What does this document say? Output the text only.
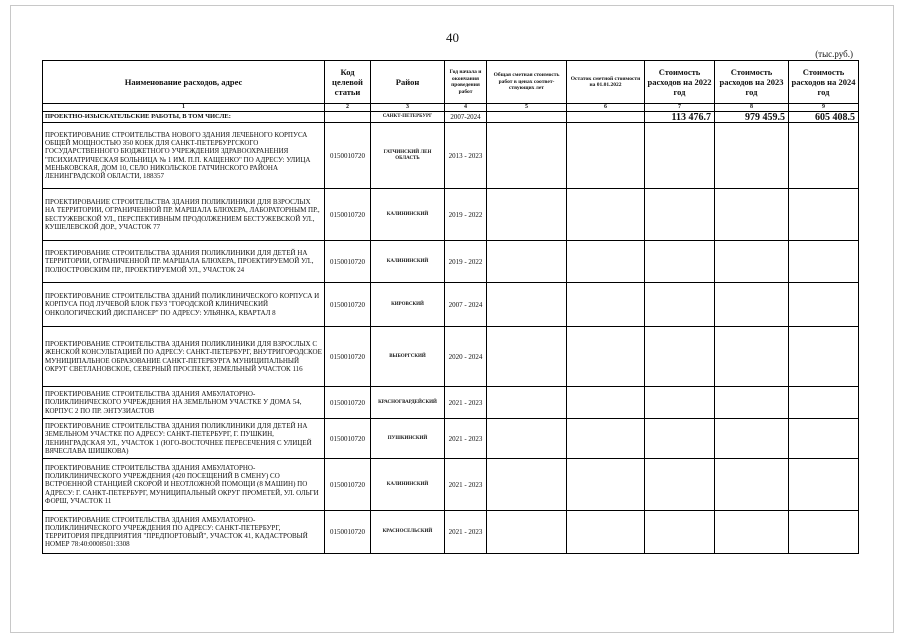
40
(тыс.руб.)
Наименование расходов, адрес	Код целевой статьи	Район	Год начала и окончания проведения работ	Общая сметная стоимость работ в ценах соответ-ствующих лет	Остаток сметной стоимости на 01.01.2022	Стоимость расходов на 2022 год	Стоимость расходов на 2023 год	Стоимость расходов на 2024 год
1	2	3	4	5	6	7	8	9
ПРОЕКТНО-ИЗЫСКАТЕЛЬСКИЕ РАБОТЫ, В ТОМ ЧИСЛЕ:		САНКТ-ПЕТЕРБУРГ	2007-2024			113 476.7	979 459.5	605 408.5
ПРОЕКТИРОВАНИЕ СТРОИТЕЛЬСТВА НОВОГО ЗДАНИЯ ЛЕЧЕБНОГО КОРПУСА ОБЩЕЙ МОЩНОСТЬЮ 350 КОЕК ДЛЯ САНКТ-ПЕТЕРБУРГСКОГО ГОСУДАРСТВЕННОГО БЮДЖЕТНОГО УЧРЕЖДЕНИЯ ЗДРАВООХРАНЕНИЯ "ПСИХИАТРИЧЕСКАЯ БОЛЬНИЦА № 1 ИМ. П.П. КАЩЕНКО" ПО АДРЕСУ: УЛИЦА МЕНЬКОВСКАЯ, ДОМ 10, СЕЛО НИКОЛЬСКОЕ ГАТЧИНСКОГО РАЙОНА ЛЕНИНГРАДСКОЙ ОБЛАСТИ, 188357	0150010720	ГАТЧИНСКИЙ ЛЕН ОБЛАСТЬ	2013 - 2023					
ПРОЕКТИРОВАНИЕ СТРОИТЕЛЬСТВА ЗДАНИЯ ПОЛИКЛИНИКИ ДЛЯ ВЗРОСЛЫХ НА ТЕРРИТОРИИ, ОГРАНИЧЕННОЙ ПР. МАРШАЛА БЛЮХЕРА, ЛАБОРАТОРНЫМ ПР., БЕСТУЖЕВСКОЙ УЛ., ПЕРСПЕКТИВНЫМ ПРОДОЛЖЕНИЕМ БЕСТУЖЕВСКОЙ УЛ., КУШЕЛЕВСКОЙ ДОР., УЧАСТОК 77	0150010720	КАЛИНИНСКИЙ	2019 - 2022					
ПРОЕКТИРОВАНИЕ СТРОИТЕЛЬСТВА ЗДАНИЯ ПОЛИКЛИНИКИ ДЛЯ ДЕТЕЙ НА ТЕРРИТОРИИ, ОГРАНИЧЕННОЙ ПР. МАРШАЛА БЛЮХЕРА, ПРОЕКТИРУЕМОЙ УЛ., ПОЛЮСТРОВСКИМ ПР., ПРОЕКТИРУЕМОЙ УЛ., УЧАСТОК 24	0150010720	КАЛИНИНСКИЙ	2019 - 2022					
ПРОЕКТИРОВАНИЕ СТРОИТЕЛЬСТВА ЗДАНИЙ ПОЛИКЛИНИЧЕСКОГО КОРПУСА И КОРПУСА ПОД ЛУЧЕВОЙ БЛОК ГБУЗ "ГОРОДСКОЙ КЛИНИЧЕСКИЙ ОНКОЛОГИЧЕСКИЙ ДИСПАНСЕР" ПО АДРЕСУ: УЛЬЯНКА, КВАРТАЛ 8	0150010720	КИРОВСКИЙ	2007 - 2024					
ПРОЕКТИРОВАНИЕ СТРОИТЕЛЬСТВА ЗДАНИЯ ПОЛИКЛИНИКИ ДЛЯ ВЗРОСЛЫХ С ЖЕНСКОЙ КОНСУЛЬТАЦИЕЙ ПО АДРЕСУ: САНКТ-ПЕТЕРБУРГ, ВНУТРИГОРОДСКОЕ МУНИЦИПАЛЬНОЕ ОБРАЗОВАНИЕ САНКТ-ПЕТЕРБУРГА МУНИЦИПАЛЬНЫЙ ОКРУГ СВЕТЛАНОВСКОЕ, СЕВЕРНЫЙ ПРОСПЕКТ, ЗЕМЕЛЬНЫЙ УЧАСТОК 116	0150010720	ВЫБОРГСКИЙ	2020 - 2024					
ПРОЕКТИРОВАНИЕ СТРОИТЕЛЬСТВА ЗДАНИЯ АМБУЛАТОРНО-ПОЛИКЛИНИЧЕСКОГО УЧРЕЖДЕНИЯ НА ЗЕМЕЛЬНОМ УЧАСТКЕ У ДОМА 54, КОРПУС 2 ПО ПР. ЭНТУЗИАСТОВ	0150010720	КРАСНОГВАРДЕЙСКИЙ	2021 - 2023					
ПРОЕКТИРОВАНИЕ СТРОИТЕЛЬСТВА ЗДАНИЯ ПОЛИКЛИНИКИ ДЛЯ ДЕТЕЙ НА ЗЕМЕЛЬНОМ УЧАСТКЕ ПО АДРЕСУ: САНКТ-ПЕТЕРБУРГ, Г. ПУШКИН, ЛЕНИНГРАДСКАЯ УЛ., УЧАСТОК 1 (ЮГО-ВОСТОЧНЕЕ ПЕРЕСЕЧЕНИЯ С УЛИЦЕЙ ВЯЧЕСЛАВА ШИШКОВА)	0150010720	ПУШКИНСКИЙ	2021 - 2023					
ПРОЕКТИРОВАНИЕ СТРОИТЕЛЬСТВА ЗДАНИЯ АМБУЛАТОРНО-ПОЛИКЛИНИЧЕСКОГО УЧРЕЖДЕНИЯ (420 ПОСЕЩЕНИЙ В СМЕНУ) СО ВСТРОЕННОЙ СТАНЦИЕЙ СКОРОЙ И НЕОТЛОЖНОЙ ПОМОЩИ (8 МАШИН) ПО АДРЕСУ: Г. САНКТ-ПЕТЕРБУРГ, МУНИЦИПАЛЬНЫЙ ОКРУГ ПРОМЕТЕЙ, УЛ. ОЛЬГИ ФОРШ, УЧАСТОК 11	0150010720	КАЛИНИНСКИЙ	2021 - 2023					
ПРОЕКТИРОВАНИЕ СТРОИТЕЛЬСТВА ЗДАНИЯ АМБУЛАТОРНО-ПОЛИКЛИНИЧЕСКОГО УЧРЕЖДЕНИЯ ПО АДРЕСУ: САНКТ-ПЕТЕРБУРГ, ТЕРРИТОРИЯ ПРЕДПРИЯТИЯ "ПРЕДПОРТОВЫЙ", УЧАСТОК 41, КАДАСТРОВЫЙ НОМЕР 78:40:0008501:3308	0150010720	КРАСНОСЕЛЬСКИЙ	2021 - 2023					
